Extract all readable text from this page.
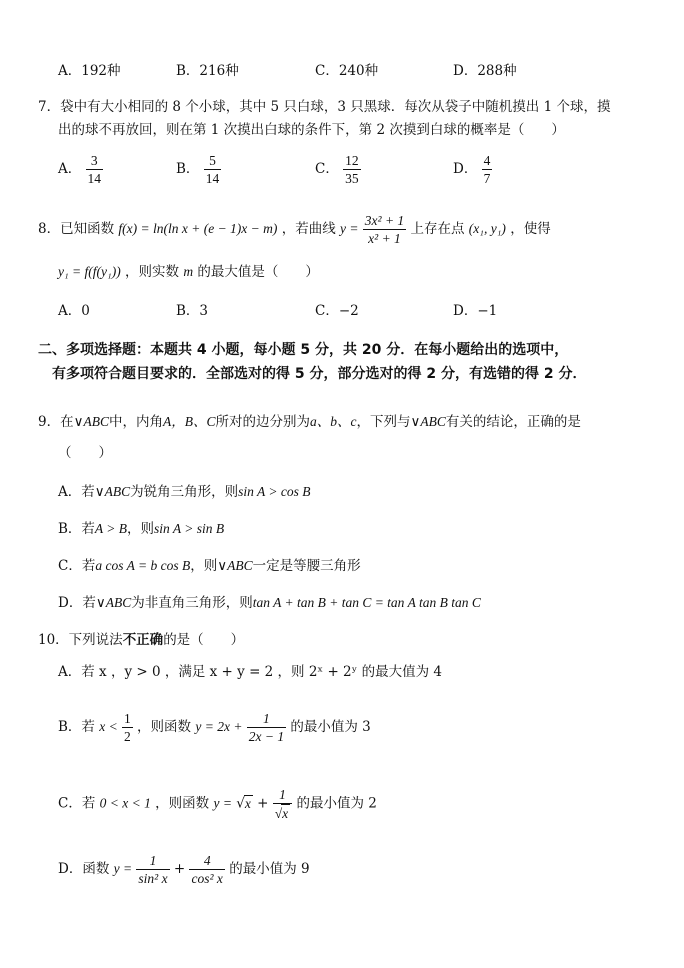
A．192种	B．216种	C．240种	D．288种
7．袋中有大小相同的 8 个小球，其中 5 只白球，3 只黑球．每次从袋子中随机摸出 1 个球，摸
出的球不再放回，则在第 1 次摸出白球的条件下，第 2 次摸到白球的概率是（　　）
A． $\frac{3}{14}$	B． $\frac{5}{14}$	C． $\frac{12}{35}$	D． $\frac{4}{7}$
8．已知函数 f(x) = ln(ln x + (e − 1)x − m) ，若曲线 $y = \frac{\text{3x² + 1}}{\text{x² + 1}}$ 上存在点 (x₁, y₁) ，使得
y₁ = f(f(y₁)) ，则实数 m 的最大值是（　　）
A．0	B．3	C．−2	D．−1
二、多项选择题：本题共 4 小题，每小题 5 分，共 20 分．在每小题给出的选项中，
有多项符合题目要求的．全部选对的得 5 分，部分选对的得 2 分，有选错的得 2 分．
9．在∨ABC中，内角A，B、C所对的边分别为a、b、c，下列与∨ABC有关的结论，正确的是
（　　）
A．若∨ABC为锐角三角形，则sin A > cos B
B．若A > B，则sin A > sin B
C．若a cos A = b cos B，则∨ABC一定是等腰三角形
D．若∨ABC为非直角三角形，则tan A + tan B + tan C = tan A tan B tan C
10．下列说法不正确的是（　　）
A．若 x ，y > 0 ，满足 x + y = 2 ，则 2ˣ + 2ʸ 的最大值为 4
B．若 $x < \frac{1}{2}$ ，则函数 $y = 2x + \frac{1}{2x - 1}$ 的最小值为 3
C．若 0 < x < 1 ，则函数 $y = √x + \frac{1}{√x}$ 的最小值为 2
D．函数 $y = \frac{1}{\text{sin² x}} + \frac{4}{\text{cos² x}}$ 的最小值为 9
